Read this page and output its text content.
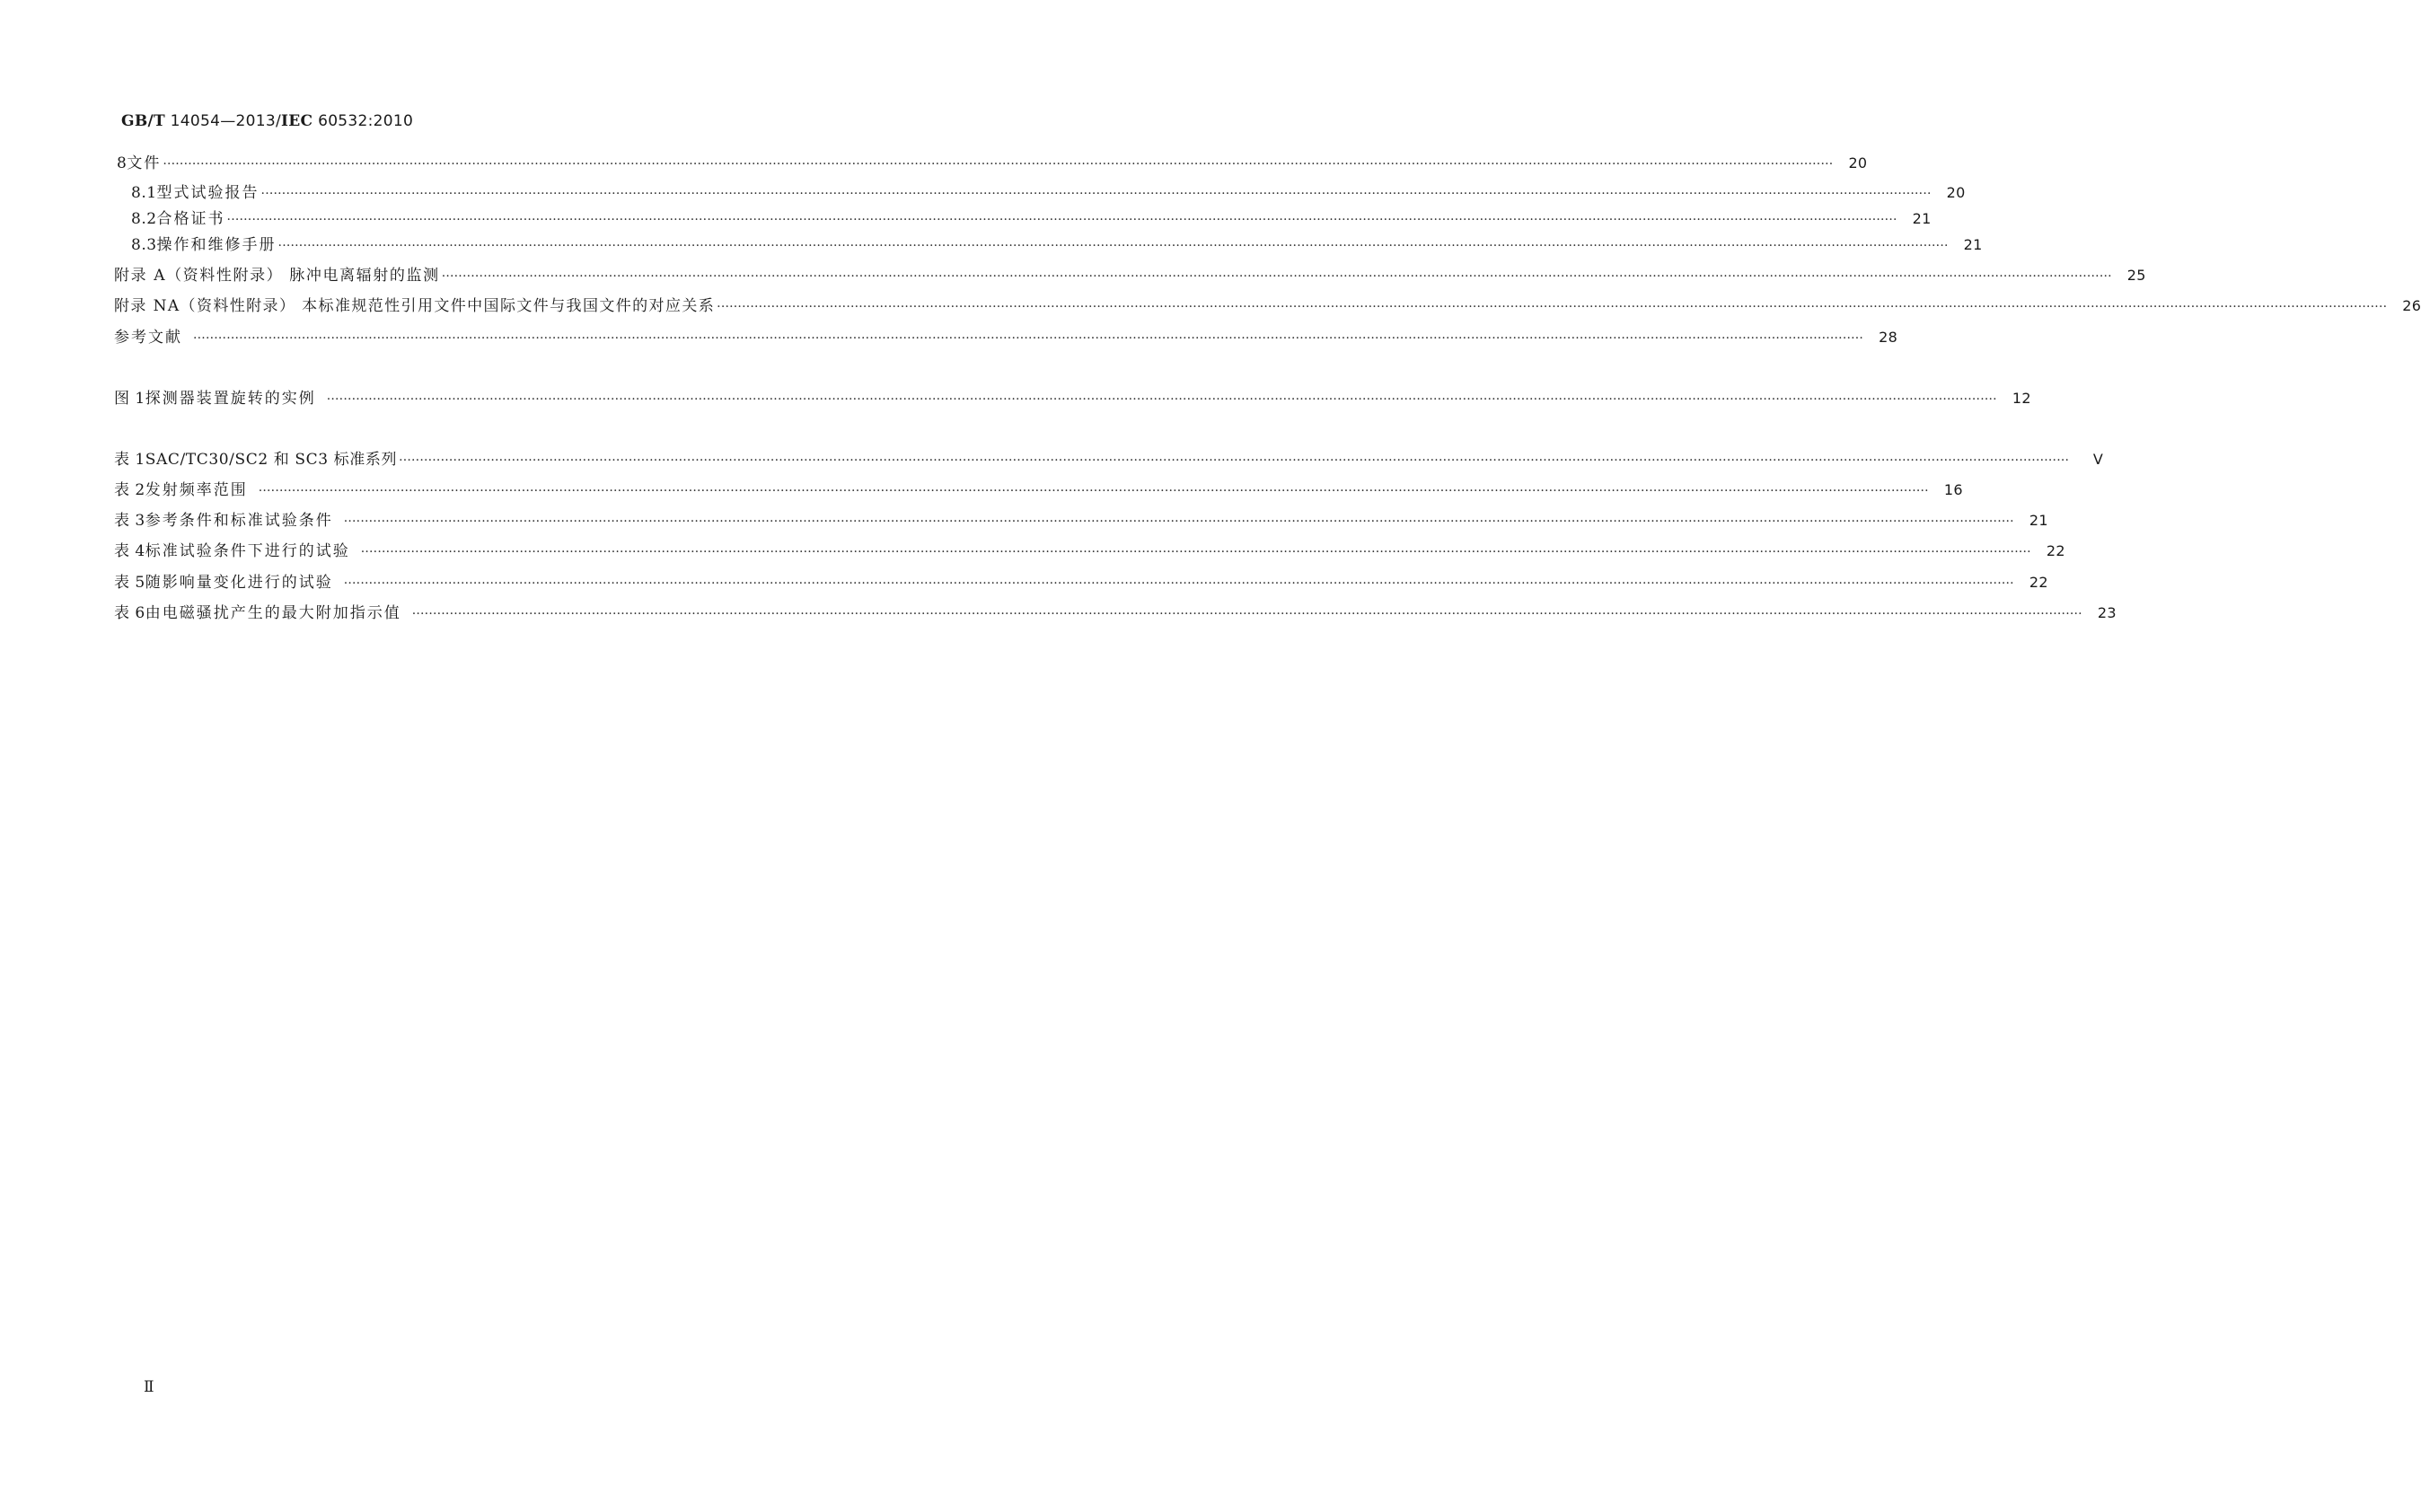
GB/T 14054—2013/IEC 60532:2010
8 文件 ················································································································································································································································································································································································································	20
8.1 型式试验报告 ················································································································································································································································································································································································································	20
8.2 合格证书 ················································································································································································································································································································································································································	21
8.3 操作和维修手册 ················································································································································································································································································································································································································	21
附录 A（资料性附录） 脉冲电离辐射的监测 ················································································································································································································································································································································································································	25
附录 NA（资料性附录） 本标准规范性引用文件中国际文件与我国文件的对应关系 ················································································································································································································································································································································································································	26
参考文献 ················································································································································································································································································································································································································	28
图 1 探测器装置旋转的实例 ················································································································································································································································································································································································································	12
表 1 SAC/TC30/SC2 和 SC3 标准系列 ················································································································································································································································································································································································································	Ⅴ
表 2 发射频率范围 ················································································································································································································································································································································································································	16
表 3 参考条件和标准试验条件 ················································································································································································································································································································································································································	21
表 4 标准试验条件下进行的试验 ················································································································································································································································································································································································································	22
表 5 随影响量变化进行的试验 ················································································································································································································································································································································································································	22
表 6 由电磁骚扰产生的最大附加指示值 ················································································································································································································································································································································································································	23
Ⅱ
